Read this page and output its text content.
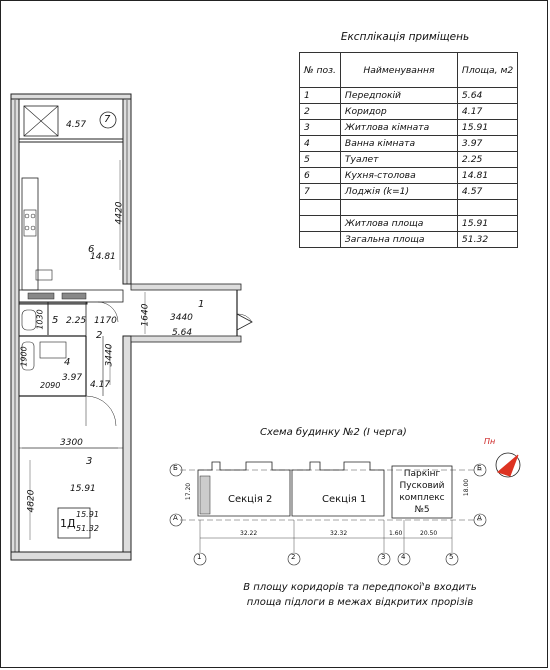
Експлікація приміщень
№ поз.	Найменування	Площа, м2
1	Передпокій	5.64
2	Коридор	4.17
3	Житлова кімната	15.91
4	Ванна кімната	3.97
5	Туалет	2.25
6	Кухня-столова	14.81
7	Лоджія (k=1)	4.57

	Житлова площа	15.91
	Загальна площа	51.32
4.57 7
6
14.81
4420
1
3440
5.64
1640
5 2.25
1030	1170
2
3440
4.17
4
3.97
2090
1900
3300
3
15.91
4820
1Д
15.91
51.32
Схема будинку №2 (I черга)
Пн
Секція 2	Секція 1
Паркінг
Пусковий
комплекс
№5
32.22	32.32	1.60	20.50
17.20	18.00
1	2	3 4	5
Б
А
Б
А
В площу коридорів та передпокої'в входить
площа підлоги в межах відкритих прорізів
